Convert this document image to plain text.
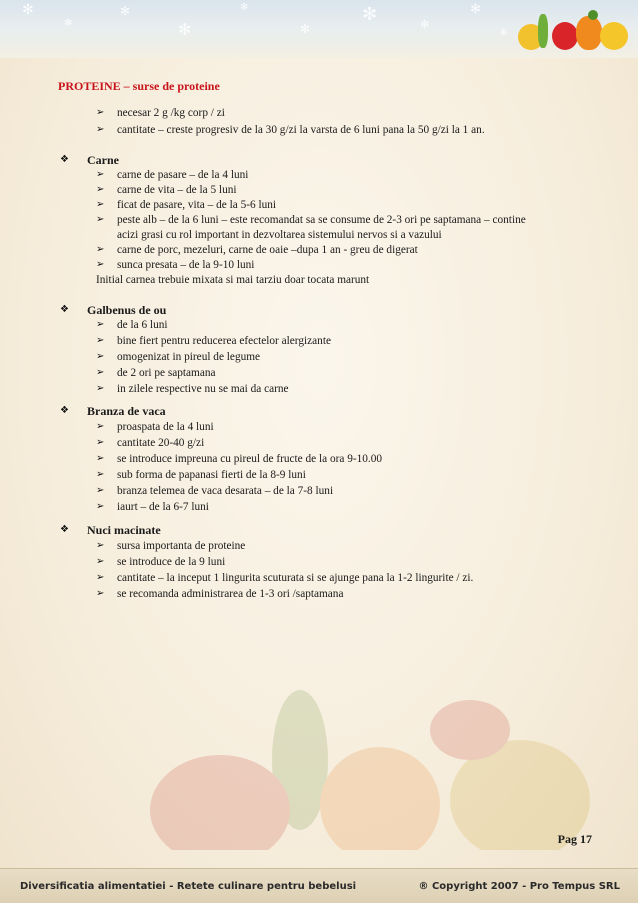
✻
✻
✻
✻
✻
✻
✻	✻
✻
✻
PROTEINE – surse de proteine
➢ necesar 2 g /kg corp / zi
➢ cantitate – creste progresiv de la 30 g/zi la varsta de 6 luni pana la 50 g/zi la 1 an.
❖ Carne
➢ carne de pasare – de la 4 luni
➢ carne de vita – de la 5 luni
➢ ficat de pasare, vita – de la 5-6 luni
➢ peste alb – de la 6 luni – este recomandat sa se consume de 2-3 ori pe saptamana – contine
acizi grasi cu rol important in dezvoltarea sistemului nervos si a vazului
➢ carne de porc, mezeluri, carne de oaie –dupa 1 an - greu de digerat
➢ sunca presata – de la 9-10 luni
Initial carnea trebuie mixata si mai tarziu doar tocata marunt
❖ Galbenus de ou
➢ de la 6 luni
➢ bine fiert pentru reducerea efectelor alergizante
➢ omogenizat in pireul de legume
➢ de 2 ori pe saptamana
➢ in zilele respective nu se mai da carne
❖ Branza de vaca
➢ proaspata de la 4 luni
➢ cantitate 20-40 g/zi
➢ se introduce impreuna cu pireul de fructe de la ora 9-10.00
➢ sub forma de papanasi fierti de la 8-9 luni
➢ branza telemea de vaca desarata – de la 7-8 luni
➢ iaurt – de la 6-7 luni
❖ Nuci macinate
➢ sursa importanta de proteine
➢ se introduce de la 9 luni
➢ cantitate – la inceput 1 lingurita scuturata si se ajunge pana la 1-2 lingurite / zi.
➢ se recomanda administrarea de 1-3 ori /saptamana
Pag 17
Diversificatia alimentatiei - Retete culinare pentru bebelusi	® Copyright 2007 - Pro Tempus SRL
